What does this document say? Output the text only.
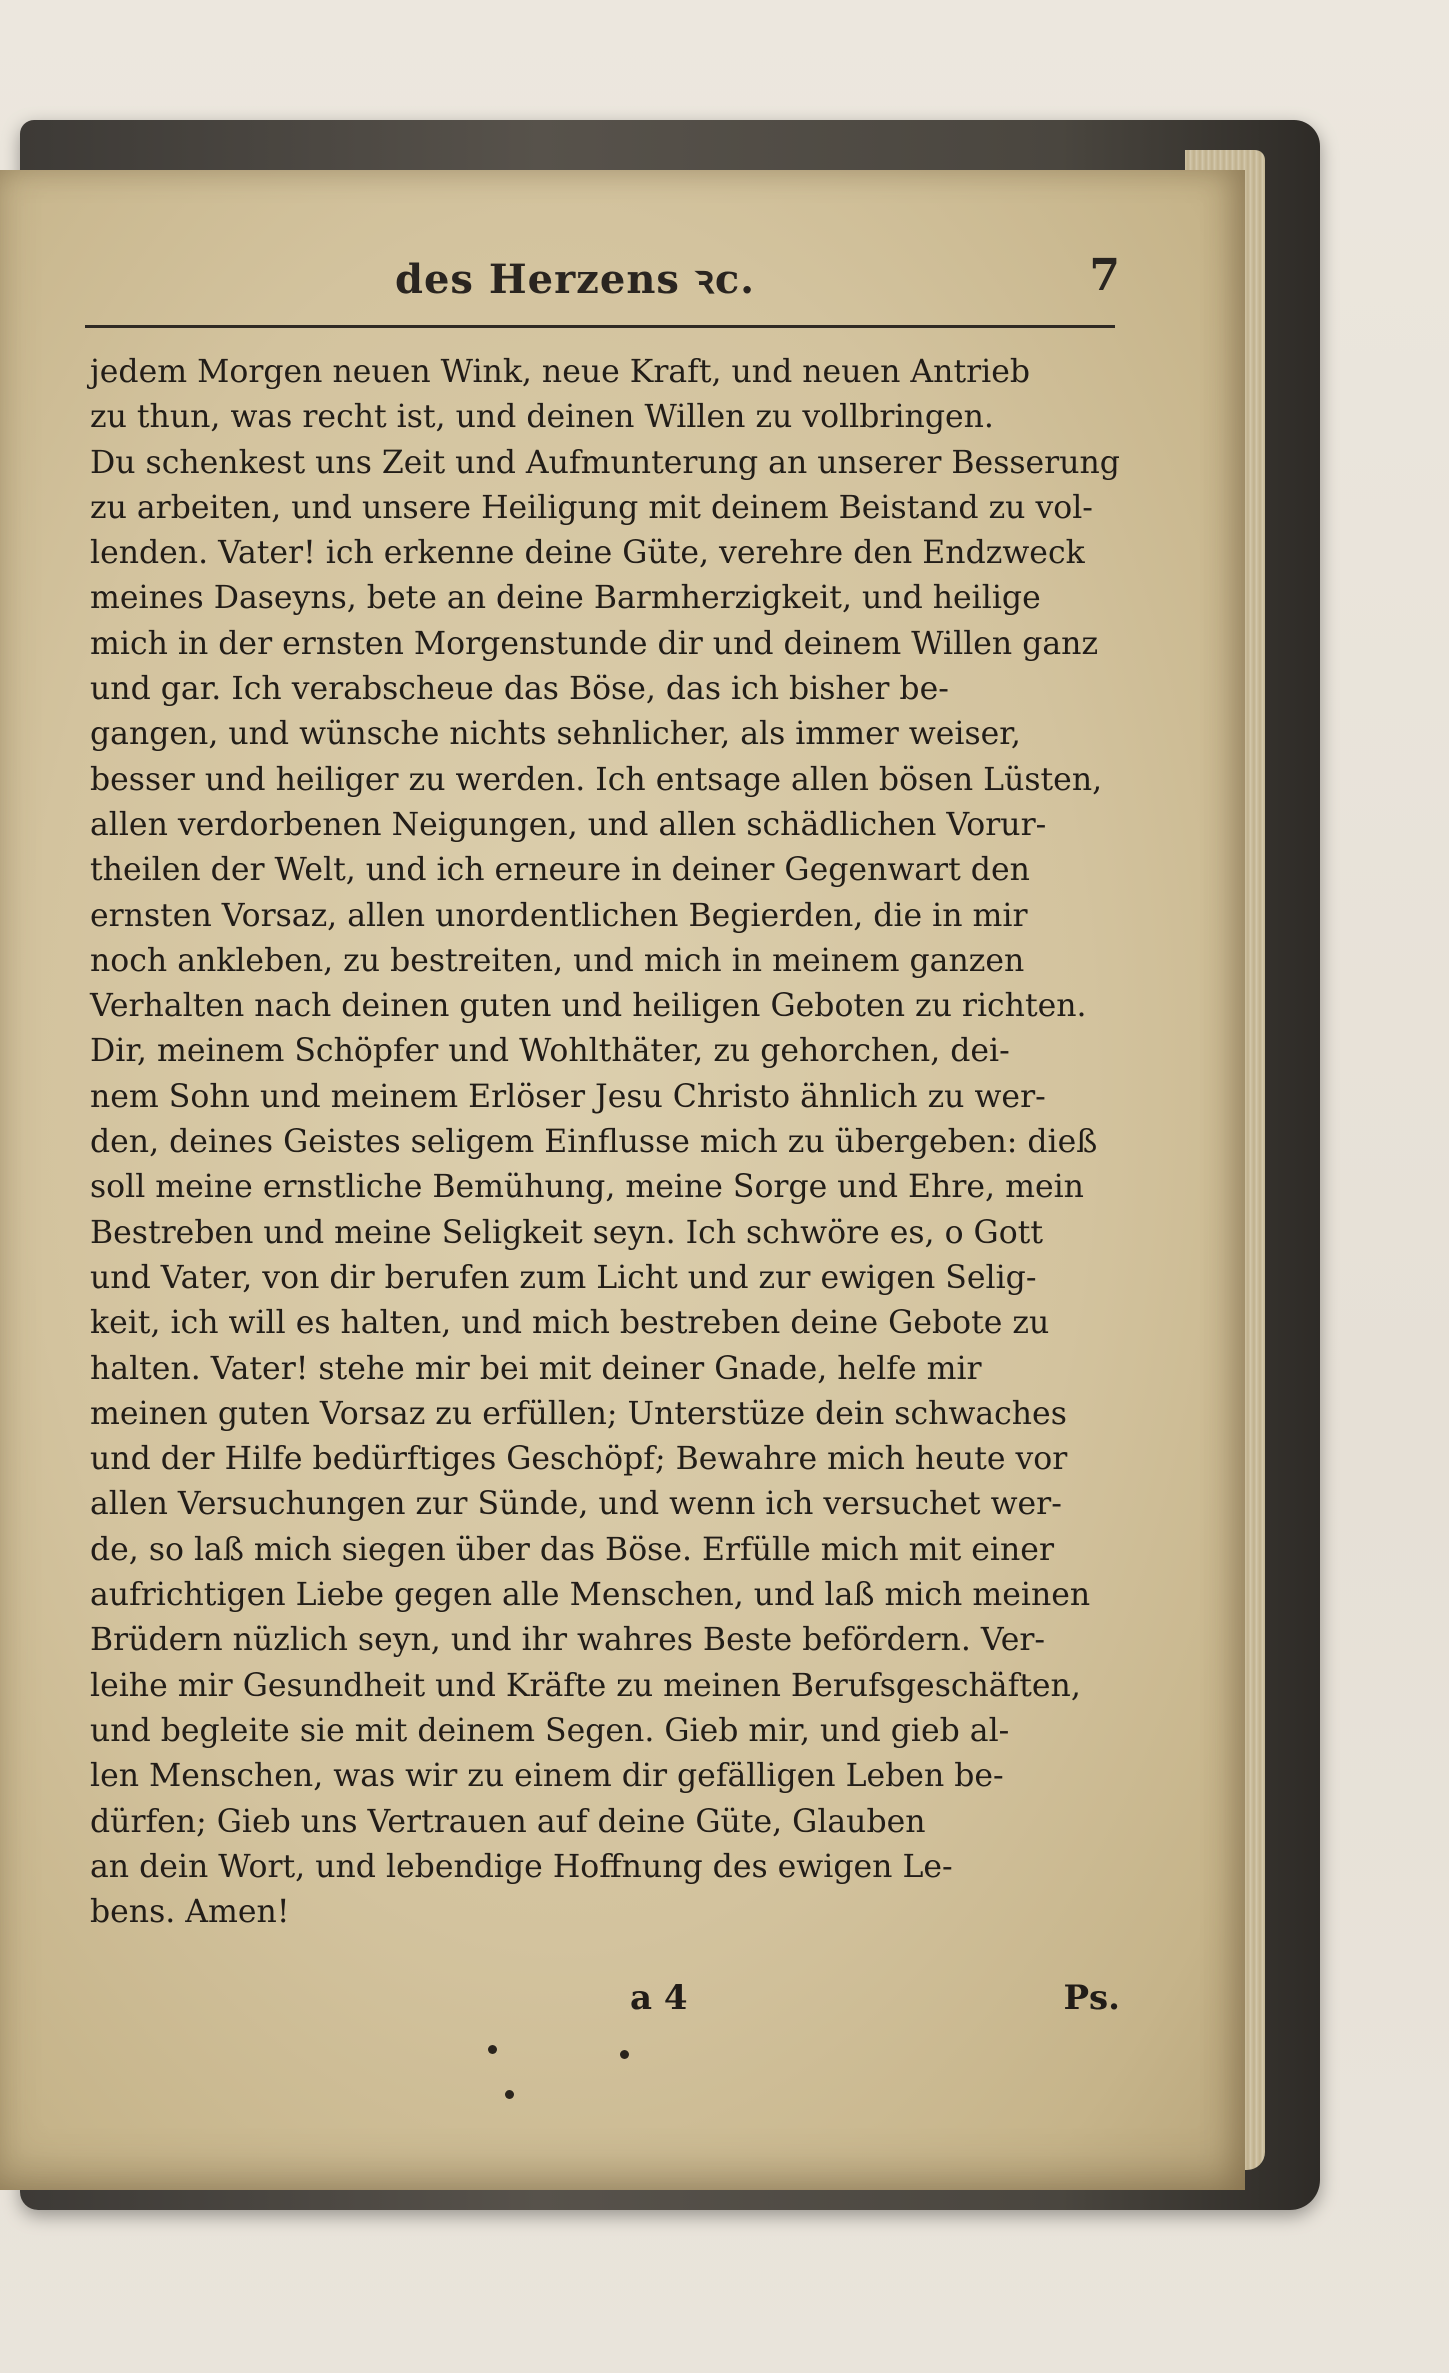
des Herzens ꝛc.	7
jedem Morgen neuen Wink, neue Kraft, und neuen Antrieb
zu thun, was recht ist, und deinen Willen zu vollbringen.
Du schenkest uns Zeit und Aufmunterung an unserer Besserung
zu arbeiten, und unsere Heiligung mit deinem Beistand zu vol-
lenden. Vater! ich erkenne deine Güte, verehre den Endzweck
meines Daseyns, bete an deine Barmherzigkeit, und heilige
mich in der ernsten Morgenstunde dir und deinem Willen ganz
und gar. Ich verabscheue das Böse, das ich bisher be-
gangen, und wünsche nichts sehnlicher, als immer weiser,
besser und heiliger zu werden. Ich entsage allen bösen Lüsten,
allen verdorbenen Neigungen, und allen schädlichen Vorur-
theilen der Welt, und ich erneure in deiner Gegenwart den
ernsten Vorsaz, allen unordentlichen Begierden, die in mir
noch ankleben, zu bestreiten, und mich in meinem ganzen
Verhalten nach deinen guten und heiligen Geboten zu richten.
Dir, meinem Schöpfer und Wohlthäter, zu gehorchen, dei-
nem Sohn und meinem Erlöser Jesu Christo ähnlich zu wer-
den, deines Geistes seligem Einflusse mich zu übergeben: dieß
soll meine ernstliche Bemühung, meine Sorge und Ehre, mein
Bestreben und meine Seligkeit seyn. Ich schwöre es, o Gott
und Vater, von dir berufen zum Licht und zur ewigen Selig-
keit, ich will es halten, und mich bestreben deine Gebote zu
halten. Vater! stehe mir bei mit deiner Gnade, helfe mir
meinen guten Vorsaz zu erfüllen; Unterstüze dein schwaches
und der Hilfe bedürftiges Geschöpf; Bewahre mich heute vor
allen Versuchungen zur Sünde, und wenn ich versuchet wer-
de, so laß mich siegen über das Böse. Erfülle mich mit einer
aufrichtigen Liebe gegen alle Menschen, und laß mich meinen
Brüdern nüzlich seyn, und ihr wahres Beste befördern. Ver-
leihe mir Gesundheit und Kräfte zu meinen Berufsgeschäften,
und begleite sie mit deinem Segen. Gieb mir, und gieb al-
len Menschen, was wir zu einem dir gefälligen Leben be-
dürfen; Gieb uns Vertrauen auf deine Güte, Glauben
an dein Wort, und lebendige Hoffnung des ewigen Le-
bens. Amen!
a 4	Ps.
